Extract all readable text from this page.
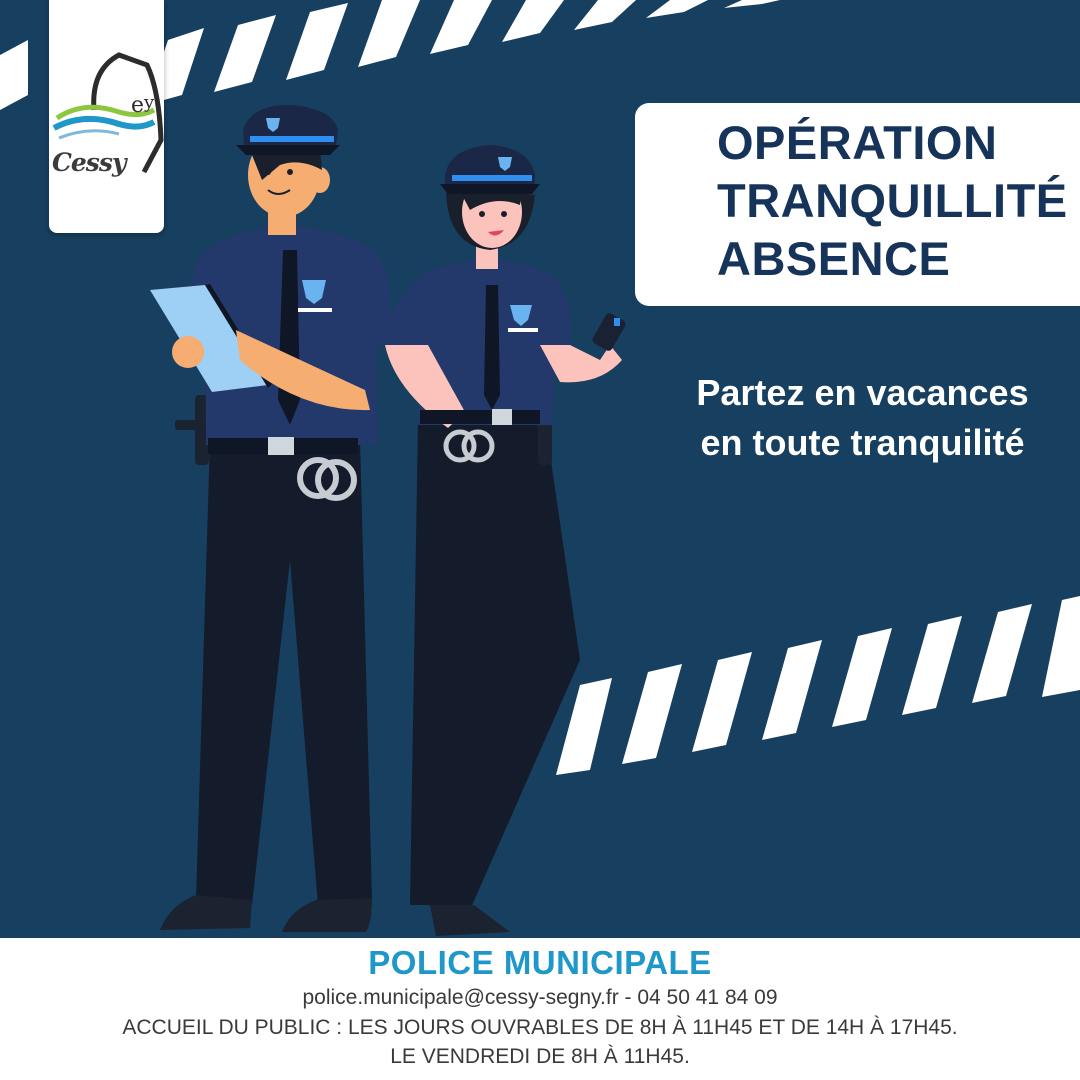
e y
Cessy	OPÉRATION
TRANQUILLITÉ
ABSENCE
Partez en vacances
en toute tranquilité
POLICE MUNICIPALE
police.municipale@cessy-segny.fr - 04 50 41 84 09
ACCUEIL DU PUBLIC : LES JOURS OUVRABLES DE 8H À 11H45 ET DE 14H À 17H45.
LE VENDREDI DE 8H À 11H45.
